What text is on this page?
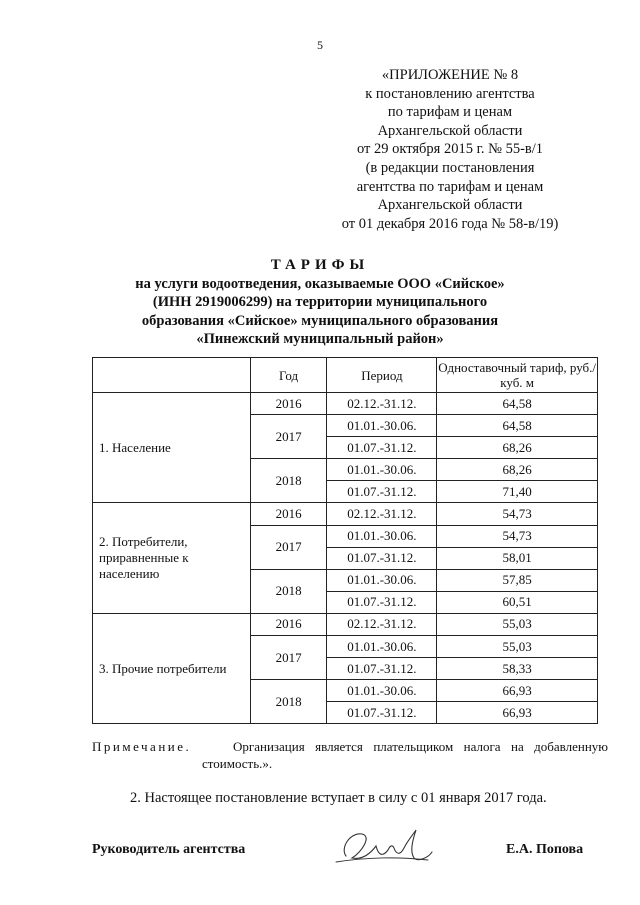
5
«ПРИЛОЖЕНИЕ № 8
к постановлению агентства
по тарифам и ценам
Архангельской области
от 29 октября 2015 г. № 55-в/1
(в редакции постановления
агентства по тарифам и ценам
Архангельской области
от 01 декабря 2016 года № 58-в/19)
ТАРИФЫ
на услуги водоотведения, оказываемые ООО «Сийское»
(ИНН 2919006299) на территории муниципального
образования «Сийское» муниципального образования
«Пинежский муниципальный район»
	Год	Период	Одноставочный тариф, руб./куб. м
1. Население	2016	02.12.-31.12.	64,58
	2017	01.01.-30.06.	64,58
		01.07.-31.12.	68,26
	2018	01.01.-30.06.	68,26
		01.07.-31.12.	71,40
2. Потребители, приравненные к населению	2016	02.12.-31.12.	54,73
	2017	01.01.-30.06.	54,73
		01.07.-31.12.	58,01
	2018	01.01.-30.06.	57,85
		01.07.-31.12.	60,51
3. Прочие потребители	2016	02.12.-31.12.	55,03
	2017	01.01.-30.06.	55,03
		01.07.-31.12.	58,33
	2018	01.01.-30.06.	66,93
		01.07.-31.12.	66,93
Примечание.	Организация является плательщиком налога на добавленную
стоимость.».
2. Настоящее постановление вступает в силу с 01 января 2017 года.
Руководитель агентства	Е.А. Попова
